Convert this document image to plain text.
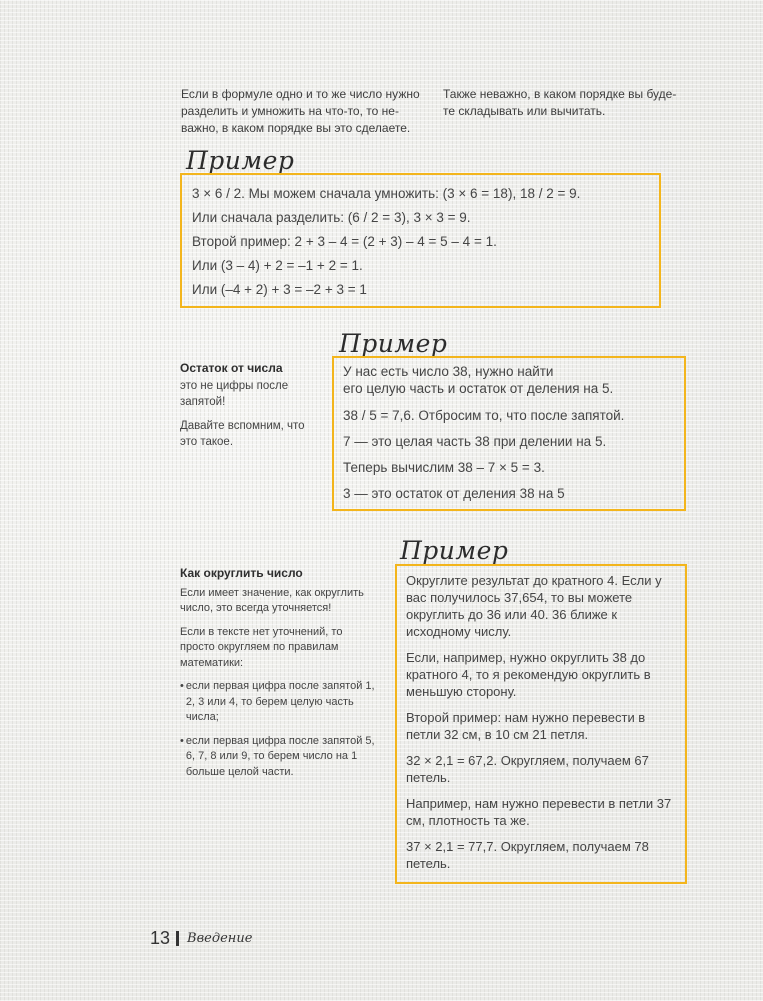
Если в формуле одно и то же число нужно
разделить и умножить на что-то, то не-
важно, в каком порядке вы это сделаете.
Также неважно, в каком порядке вы буде-
те складывать или вычитать.
Пример

3 × 6 / 2. Мы можем сначала умножить: (3 × 6 = 18), 18 / 2 = 9.

Или сначала разделить: (6 / 2 = 3), 3 × 3 = 9.

Второй пример: 2 + 3 – 4 = (2 + 3) – 4 = 5 – 4 = 1.

Или (3 – 4) + 2 = –1 + 2 = 1.

Или (–4 + 2) + 3 = –2 + 3 = 1

Остаток от числа

это не цифры после запятой!

Давайте вспомним, что это такое.

Пример

У нас есть число 38, нужно найти

его целую часть и остаток от деления на 5.

38 / 5 = 7,6. Отбросим то, что после запятой.

7 — это целая часть 38 при делении на 5.

Теперь вычислим 38 – 7 × 5 = 3.

3 — это остаток от деления 38 на 5

Как округлить число

Если имеет значение, как округлить число, это всегда уточняется!

Если в тексте нет уточнений, то просто округляем по правилам математики:

• если первая цифра после запятой 1, 2, 3 или 4, то берем целую часть числа;

• если первая цифра после запятой 5, 6, 7, 8 или 9, то берем число на 1 больше целой части.

Пример

Округлите результат до кратного 4. Если у вас получилось 37,654, то вы можете округлить до 36 или 40. 36 ближе к исходному числу.

Если, например, нужно округлить 38 до кратного 4, то я рекомендую округлить в меньшую сторону.

Второй пример: нам нужно перевести в петли 32 см, в 10 см 21 петля.

32 × 2,1 = 67,2. Округляем, получаем 67 петель.

Например, нам нужно перевести в петли 37 см, плотность та же.

37 × 2,1 = 77,7. Округляем, получаем 78 петель.

13 Введение
